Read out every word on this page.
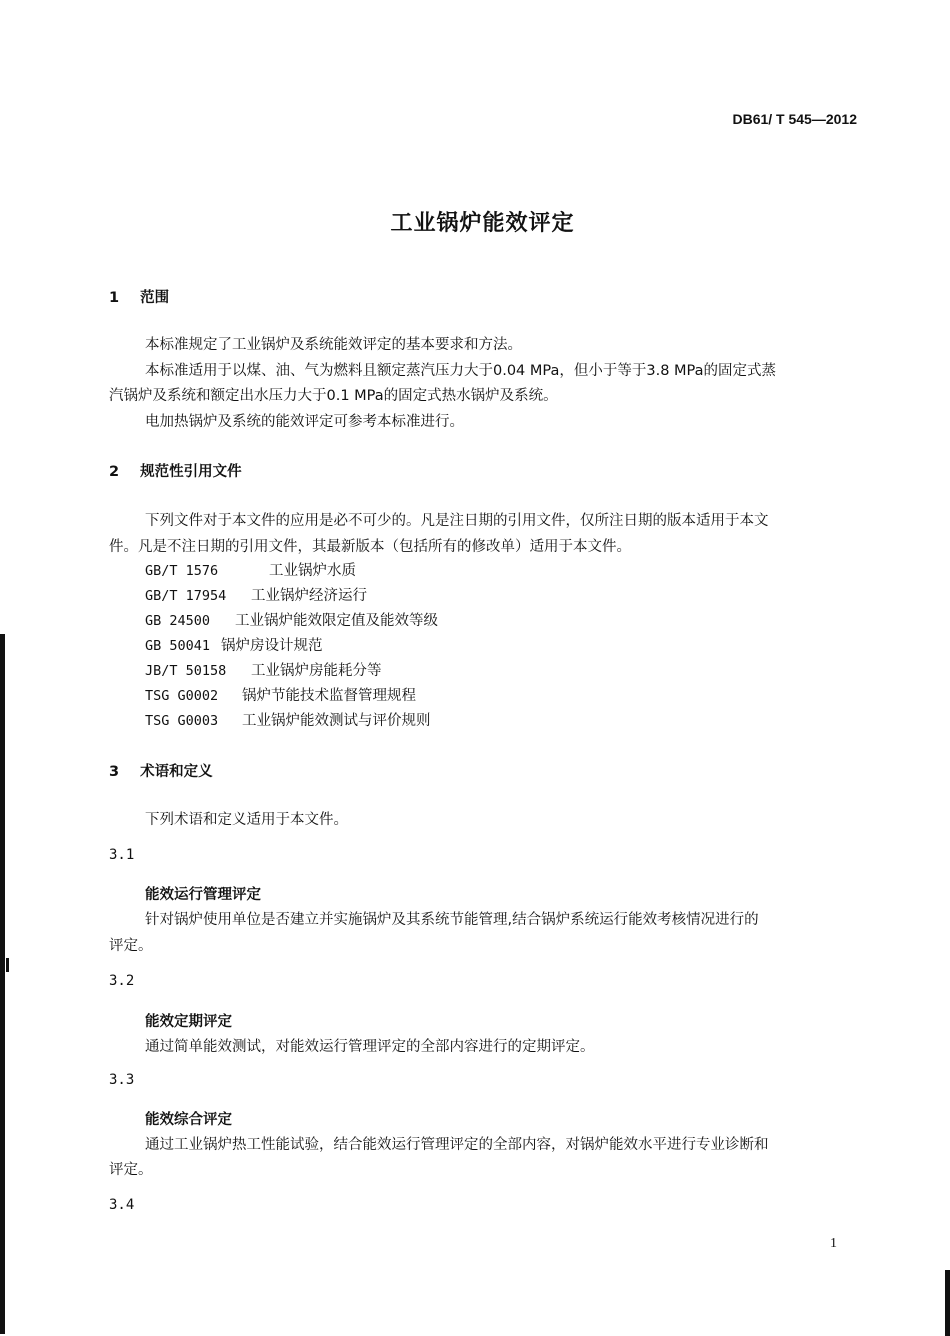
DB61/ T 545—2012
工业锅炉能效评定
1 范围
本标准规定了工业锅炉及系统能效评定的基本要求和方法。
本标准适用于以煤、油、气为燃料且额定蒸汽压力大于0.04 MPa，但小于等于3.8 MPa的固定式蒸
汽锅炉及系统和额定出水压力大于0.1 MPa的固定式热水锅炉及系统。
电加热锅炉及系统的能效评定可参考本标准进行。
2 规范性引用文件
下列文件对于本文件的应用是必不可少的。凡是注日期的引用文件，仅所注日期的版本适用于本文
件。凡是不注日期的引用文件，其最新版本（包括所有的修改单）适用于本文件。
GB/T 1576	工业锅炉水质
GB/T 17954 工业锅炉经济运行
GB 24500 工业锅炉能效限定值及能效等级
GB 50041 锅炉房设计规范
JB/T 50158 工业锅炉房能耗分等
TSG G0002 锅炉节能技术监督管理规程
TSG G0003 工业锅炉能效测试与评价规则
3 术语和定义
下列术语和定义适用于本文件。
3.1
能效运行管理评定
针对锅炉使用单位是否建立并实施锅炉及其系统节能管理,结合锅炉系统运行能效考核情况进行的
评定。
3.2
能效定期评定
通过简单能效测试，对能效运行管理评定的全部内容进行的定期评定。
3.3
能效综合评定
通过工业锅炉热工性能试验，结合能效运行管理评定的全部内容，对锅炉能效水平进行专业诊断和
评定。
3.4
1
